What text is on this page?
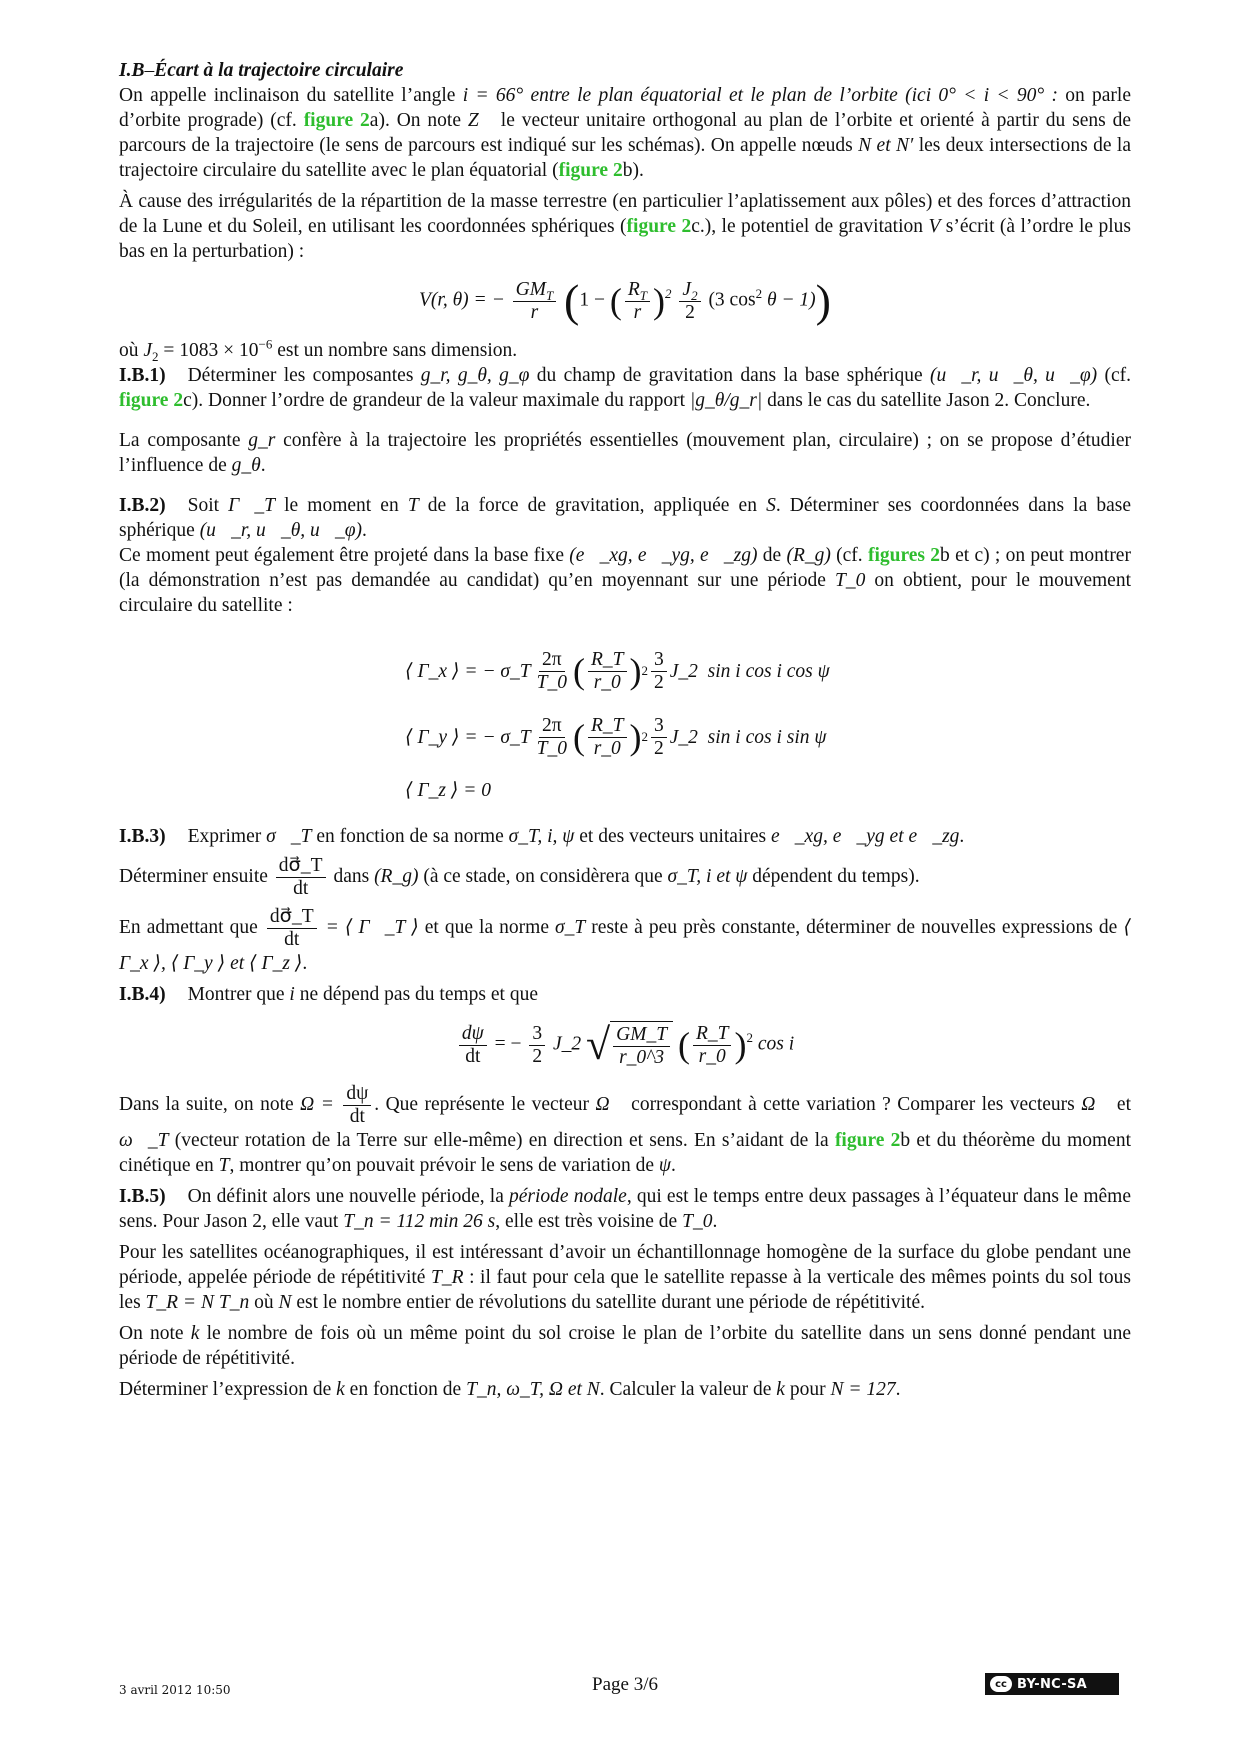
I.B–Écart à la trajectoire circulaire

On appelle inclinaison du satellite l’angle i = 66° entre le plan équatorial et le plan de l’orbite (ici 0° < i < 90° : on parle d’orbite prograde) (cf. figure 2a). On note Z⃗ le vecteur unitaire orthogonal au plan de l’orbite et orienté à partir du sens de parcours de la trajectoire (le sens de parcours est indiqué sur les schémas). On appelle nœuds N et N′ les deux intersections de la trajectoire circulaire du satellite avec le plan équatorial (figure 2b).

À cause des irrégularités de la répartition de la masse terrestre (en particulier l’aplatissement aux pôles) et des forces d’attraction de la Lune et du Soleil, en utilisant les coordonnées sphériques (figure 2c.), le potentiel de gravitation V s’écrit (à l’ordre le plus bas en la perturbation) :

V(r, θ) = − $\frac{GM_T}{r} (1$ − ( $\frac{R_T}{r} )^2 \frac{J_2}{2} (3$ $\cos^2 \theta - 1$))

où $J_2 = 1083 \times 10^{-6}$ est un nombre sans dimension.

I.B.1) Déterminer les composantes g_r, g_θ, g_φ du champ de gravitation dans la base sphérique (u⃗_r, u⃗_θ, u⃗_φ) (cf. figure 2c). Donner l’ordre de grandeur de la valeur maximale du rapport |g_θ/g_r| dans le cas du satellite Jason 2. Conclure.

La composante g_r confère à la trajectoire les propriétés essentielles (mouvement plan, circulaire) ; on se propose d’étudier l’influence de g_θ.

I.B.2) Soit Γ⃗_T le moment en T de la force de gravitation, appliquée en S. Déterminer ses coordonnées dans la base sphérique (u⃗_r, u⃗_θ, u⃗_φ).

Ce moment peut également être projeté dans la base fixe (e⃗_xg, e⃗_yg, e⃗_zg) de (R_g) (cf. figures 2b et c) ; on peut montrer (la démonstration n’est pas demandée au candidat) qu’en moyennant sur une période T_0 on obtient, pour le mouvement circulaire du satellite :

⟨ Γ_x ⟩ = − σ_T $\frac{2\pi}{T\_0}$ ( $\frac{R\_T}{r\_0}$ ) $2 \frac{3}{2}$ J_2
sin i cos i cos ψ
⟨ Γ_y ⟩ = − σ_T $\frac{2\pi}{T\_0}$ ( $\frac{R\_T}{r\_0}$ ) $2 \frac{3}{2}$ J_2
sin i cos i sin ψ
⟨ Γ_z ⟩ = 0

I.B.3) Exprimer σ⃗_T en fonction de sa norme σ_T, i, ψ et des vecteurs unitaires e⃗_xg, e⃗_yg et e⃗_zg.

Déterminer ensuite $\frac{d\sigma⃗\_T}{dt}$ dans (R_g) (à ce stade, on considèrera que σ_T, i et ψ dépendent du temps).

En admettant que $\frac{d\sigma⃗\_T}{dt}$ = ⟨ Γ⃗_T ⟩ et que la norme σ_T reste à peu près constante, déterminer de nouvelles expressions de ⟨ Γ_x ⟩, ⟨ Γ_y ⟩ et ⟨ Γ_z ⟩.

I.B.4) Montrer que i ne dépend pas du temps et que

$\frac{d\psi}{dt}$ = − $\frac{3}{2}$ J_2 √ $\frac{GM\_T}{r\_0\^{}3}$ ( $\frac{R\_T}{r\_0} )^2$ cos i

Dans la suite, on note $\Omega = \frac{d\psi}{dt}$ . Que représente le vecteur Ω⃗ correspondant à cette variation ? Comparer les vecteurs Ω⃗ et ω⃗_T (vecteur rotation de la Terre sur elle-même) en direction et sens. En s’aidant de la figure 2b et du théorème du moment cinétique en T, montrer qu’on pouvait prévoir le sens de variation de ψ.

I.B.5) On définit alors une nouvelle période, la période nodale, qui est le temps entre deux passages à l’équateur dans le même sens. Pour Jason 2, elle vaut T_n = 112 min 26 s, elle est très voisine de T_0.

Pour les satellites océanographiques, il est intéressant d’avoir un échantillonnage homogène de la surface du globe pendant une période, appelée période de répétitivité T_R : il faut pour cela que le satellite repasse à la verticale des mêmes points du sol tous les T_R = N T_n où N est le nombre entier de révolutions du satellite durant une période de répétitivité.

On note k le nombre de fois où un même point du sol croise le plan de l’orbite du satellite dans un sens donné pendant une période de répétitivité.

Déterminer l’expression de k en fonction de T_n, ω_T, Ω et N. Calculer la valeur de k pour N = 127.

3 avril 2012 10:50	Page 3/6	cc BY-NC-SA
